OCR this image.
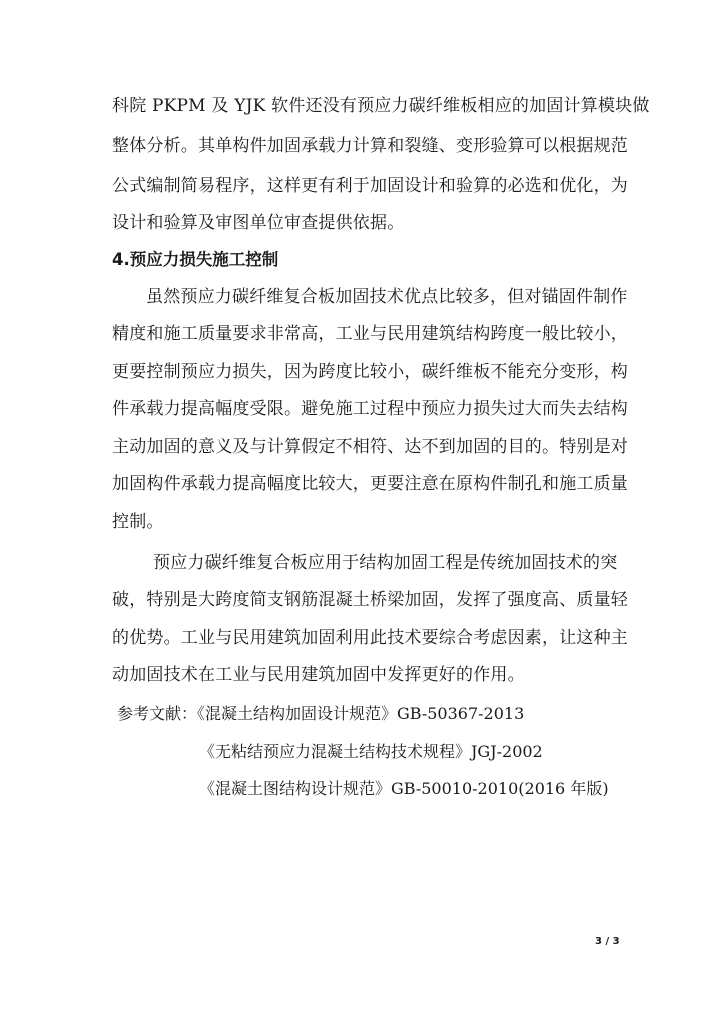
科院 PKPM 及 YJK 软件还没有预应力碳纤维板相应的加固计算模块做
整体分析。其单构件加固承载力计算和裂缝、变形验算可以根据规范
公式编制简易程序，这样更有利于加固设计和验算的必选和优化，为
设计和验算及审图单位审查提供依据。
4.预应力损失施工控制
虽然预应力碳纤维复合板加固技术优点比较多，但对锚固件制作
精度和施工质量要求非常高，工业与民用建筑结构跨度一般比较小，
更要控制预应力损失，因为跨度比较小，碳纤维板不能充分变形，构
件承载力提高幅度受限。避免施工过程中预应力损失过大而失去结构
主动加固的意义及与计算假定不相符、达不到加固的目的。特别是对
加固构件承载力提高幅度比较大，更要注意在原构件制孔和施工质量
控制。
预应力碳纤维复合板应用于结构加固工程是传统加固技术的突
破，特别是大跨度简支钢筋混凝土桥梁加固，发挥了强度高、质量轻
的优势。工业与民用建筑加固利用此技术要综合考虑因素，让这种主
动加固技术在工业与民用建筑加固中发挥更好的作用。
参考文献：《混凝土结构加固设计规范》GB-50367-2013
《无粘结预应力混凝土结构技术规程》JGJ-2002
《混凝土图结构设计规范》GB-50010-2010(2016 年版)
3 / 3
